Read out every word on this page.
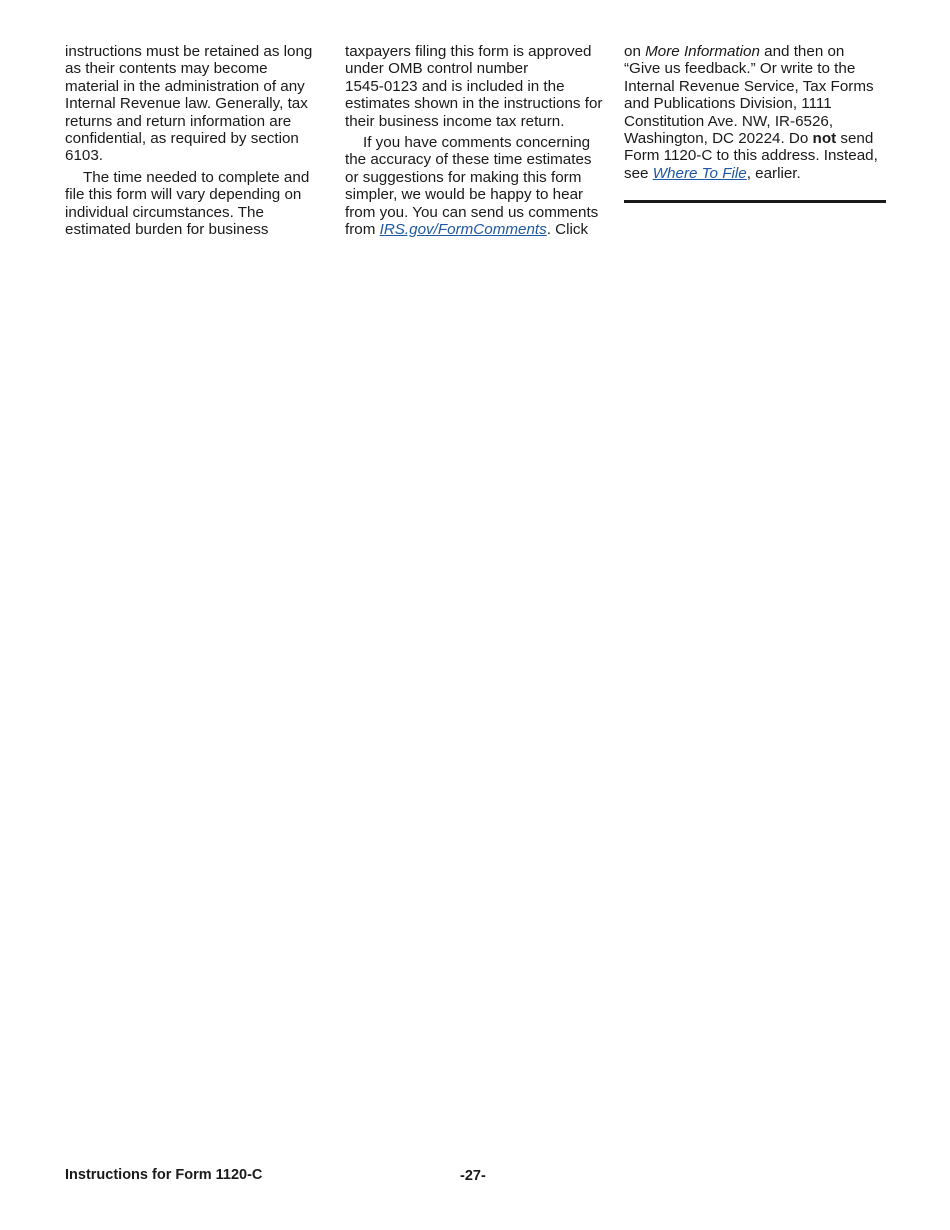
instructions must be retained as long
as their contents may become
material in the administration of any
Internal Revenue law. Generally, tax
returns and return information are
confidential, as required by section
6103.

The time needed to complete and
file this form will vary depending on
individual circumstances. The
estimated burden for business

taxpayers filing this form is approved
under OMB control number
1545-0123 and is included in the
estimates shown in the instructions for
their business income tax return.

If you have comments concerning
the accuracy of these time estimates
or suggestions for making this form
simpler, we would be happy to hear
from you. You can send us comments
from IRS.gov/FormComments. Click

on More Information and then on
“Give us feedback.” Or write to the
Internal Revenue Service, Tax Forms
and Publications Division, 1111
Constitution Ave. NW, IR-6526,
Washington, DC 20224. Do not send
Form 1120-C to this address. Instead,
see Where To File, earlier.

Instructions for Form 1120-C	-27-
